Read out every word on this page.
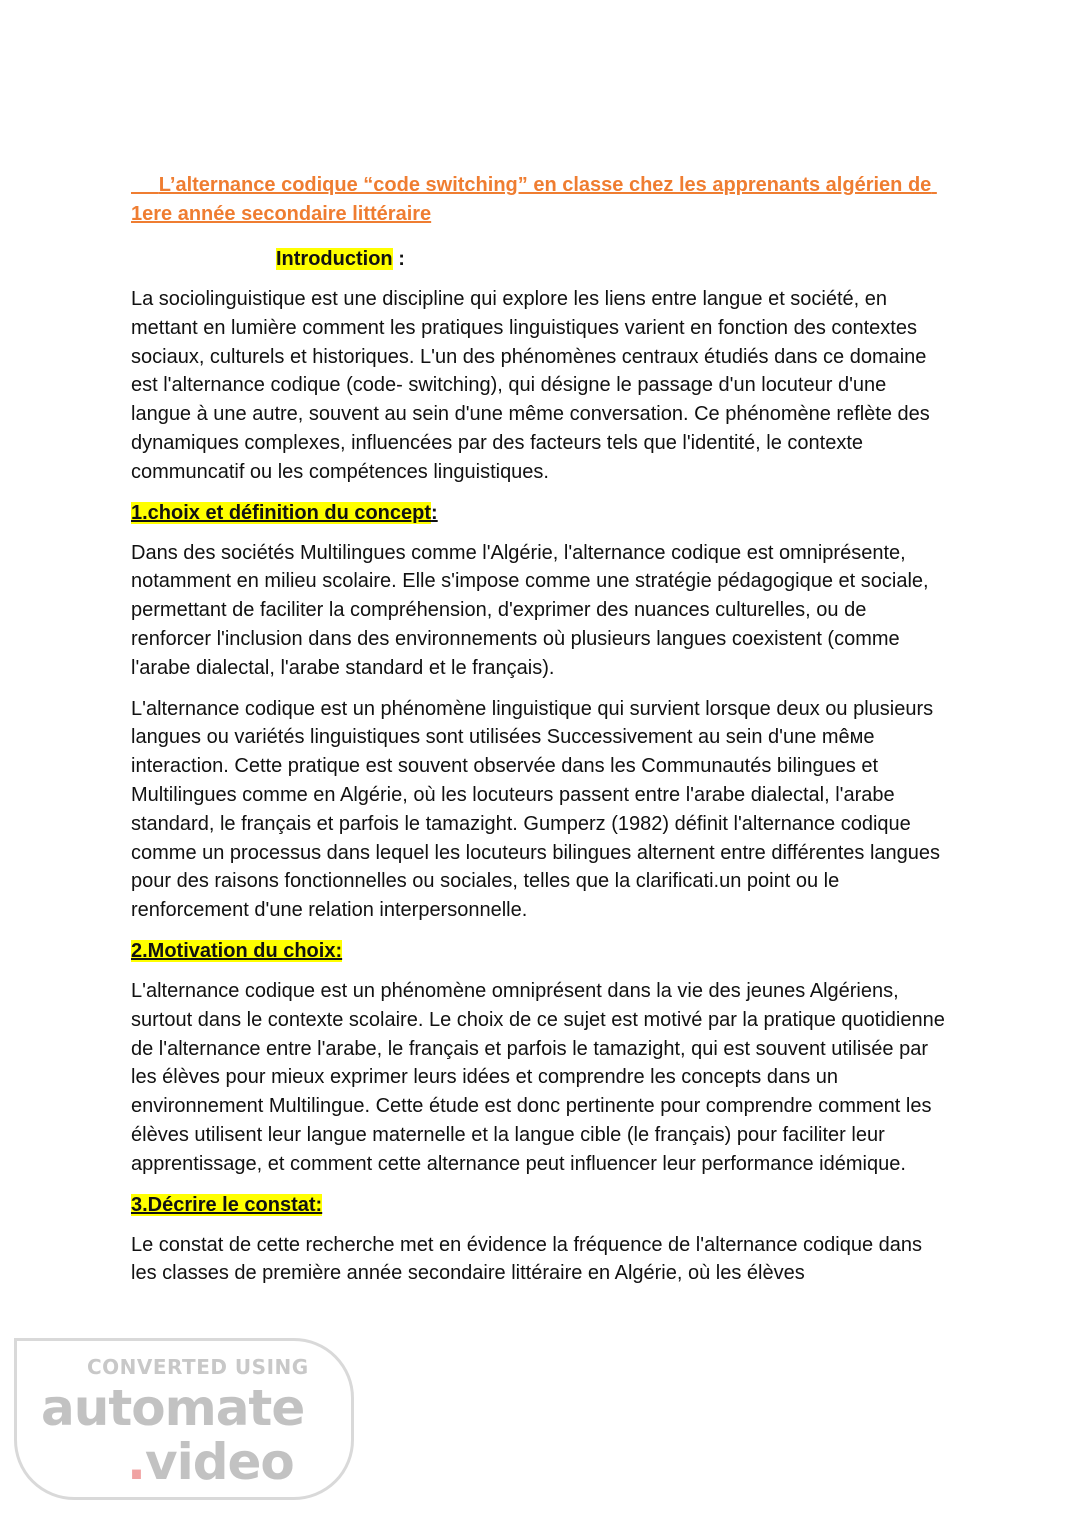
L’alternance codique “code switching” en classe chez les apprenants algérien de 1ere année secondaire littéraire
Introduction :

La sociolinguistique est une discipline qui explore les liens entre langue et société, en mettant en lumière comment les pratiques linguistiques varient en fonction des contextes sociaux, culturels et historiques. L'un des phénomènes centraux étudiés dans ce domaine est l'alternance codique (code- switching), qui désigne le passage d'un locuteur d'une langue à une autre, souvent au sein d'une même conversation. Ce phénomène reflète des dynamiques complexes, influencées par des facteurs tels que l'identité, le contexte communcatif ou les compétences linguistiques.

1.choix et définition du concept:

Dans des sociétés Multilingues comme l'Algérie, l'alternance codique est omniprésente, notamment en milieu scolaire. Elle s'impose comme une stratégie pédagogique et sociale, permettant de faciliter la compréhension, d'exprimer des nuances culturelles, ou de renforcer l'inclusion dans des environnements où plusieurs langues coexistent (comme l'arabe dialectal, l'arabe standard et le français).

L'alternance codique est un phénomène linguistique qui survient lorsque deux ou plusieurs langues ou variétés linguistiques sont utilisées Successivement au sein d'une mêмe interaction. Cette pratique est souvent observée dans les Communautés bilingues et Multilingues comme en Algérie, où les locuteurs passent entre l'arabe dialectal, l'arabe standard, le français et parfois le tamazight. Gumperz (1982) définit l'alternance codique comme un processus dans lequel les locuteurs bilingues alternent entre différentes langues pour des raisons fonctionnelles ou sociales, telles que la clarificati.un point ou le renforcement d'une relation interpersonnelle.

2.Motivation du choix:

L'alternance codique est un phénomène omniprésent dans la vie des jeunes Algériens, surtout dans le contexte scolaire. Le choix de ce sujet est motivé par la pratique quotidienne de l'alternance entre l'arabe, le français et parfois le tamazight, qui est souvent utilisée par les élèves pour mieux exprimer leurs idées et comprendre les concepts dans un environnement Multilingue. Cette étude est donc pertinente pour comprendre comment les élèves utilisent leur langue maternelle et la langue cible (le français) pour faciliter leur apprentissage, et comment cette alternance peut influencer leur performance idémique.

3.Décrire le constat:

Le constat de cette recherche met en évidence la fréquence de l'alternance codique dans les classes de première année secondaire littéraire en Algérie, où les élèves

CONVERTED USING
automate
.video
